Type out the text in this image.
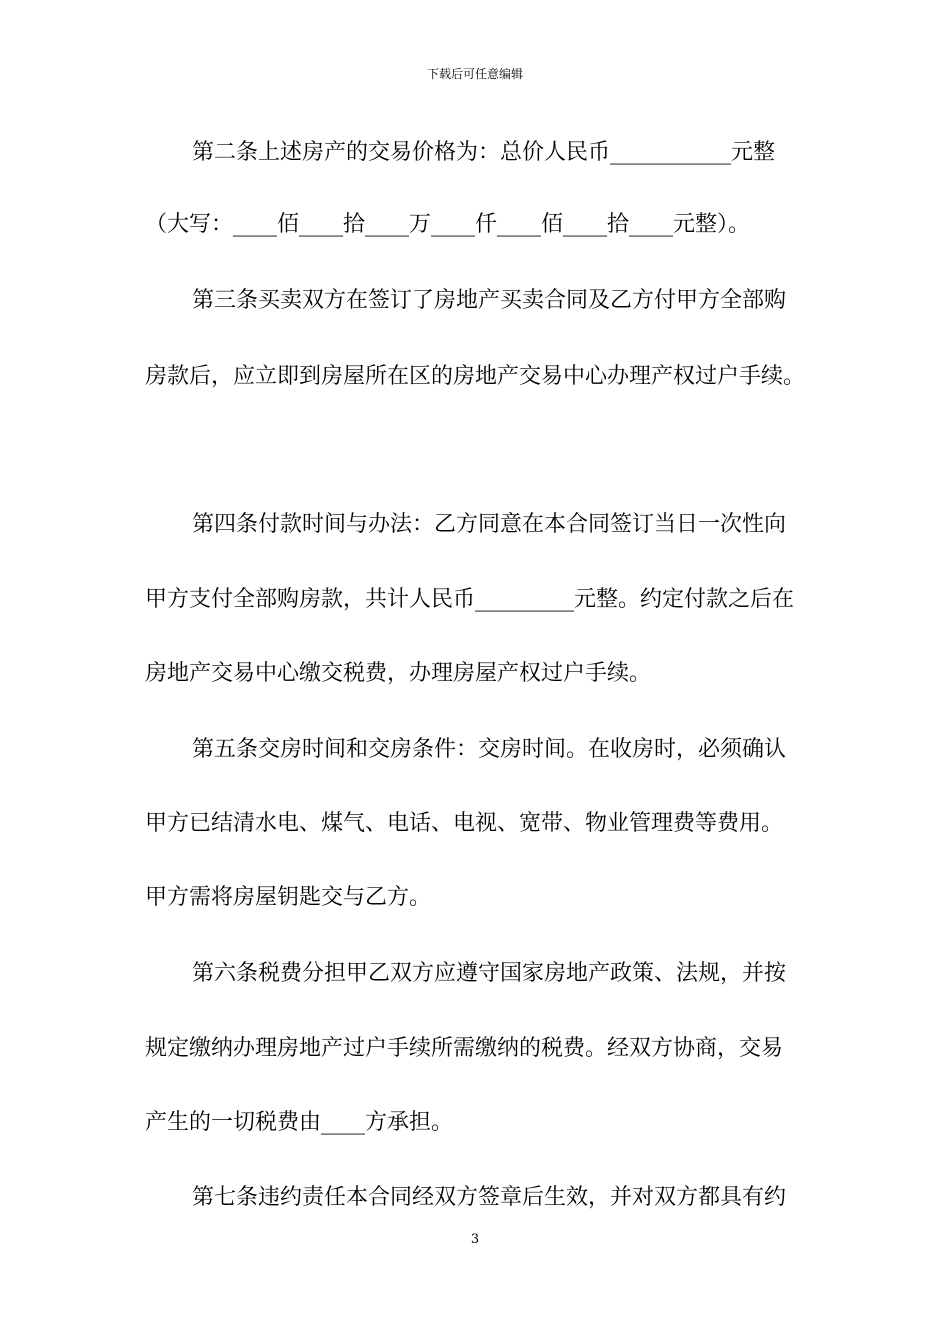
下载后可任意编辑
第二条上述房产的交易价格为：总价人民币___________元整
（大写：____佰____拾____万____仟____佰____拾____元整）。
第三条买卖双方在签订了房地产买卖合同及乙方付甲方全部购
房款后，应立即到房屋所在区的房地产交易中心办理产权过户手续。
第四条付款时间与办法：乙方同意在本合同签订当日一次性向
甲方支付全部购房款，共计人民币_________元整。约定付款之后在
房地产交易中心缴交税费，办理房屋产权过户手续。
第五条交房时间和交房条件：交房时间。在收房时，必须确认
甲方已结清水电、煤气、电话、电视、宽带、物业管理费等费用。
甲方需将房屋钥匙交与乙方。
第六条税费分担甲乙双方应遵守国家房地产政策、法规，并按
规定缴纳办理房地产过户手续所需缴纳的税费。经双方协商，交易
产生的一切税费由____方承担。
第七条违约责任本合同经双方签章后生效，并对双方都具有约
3
